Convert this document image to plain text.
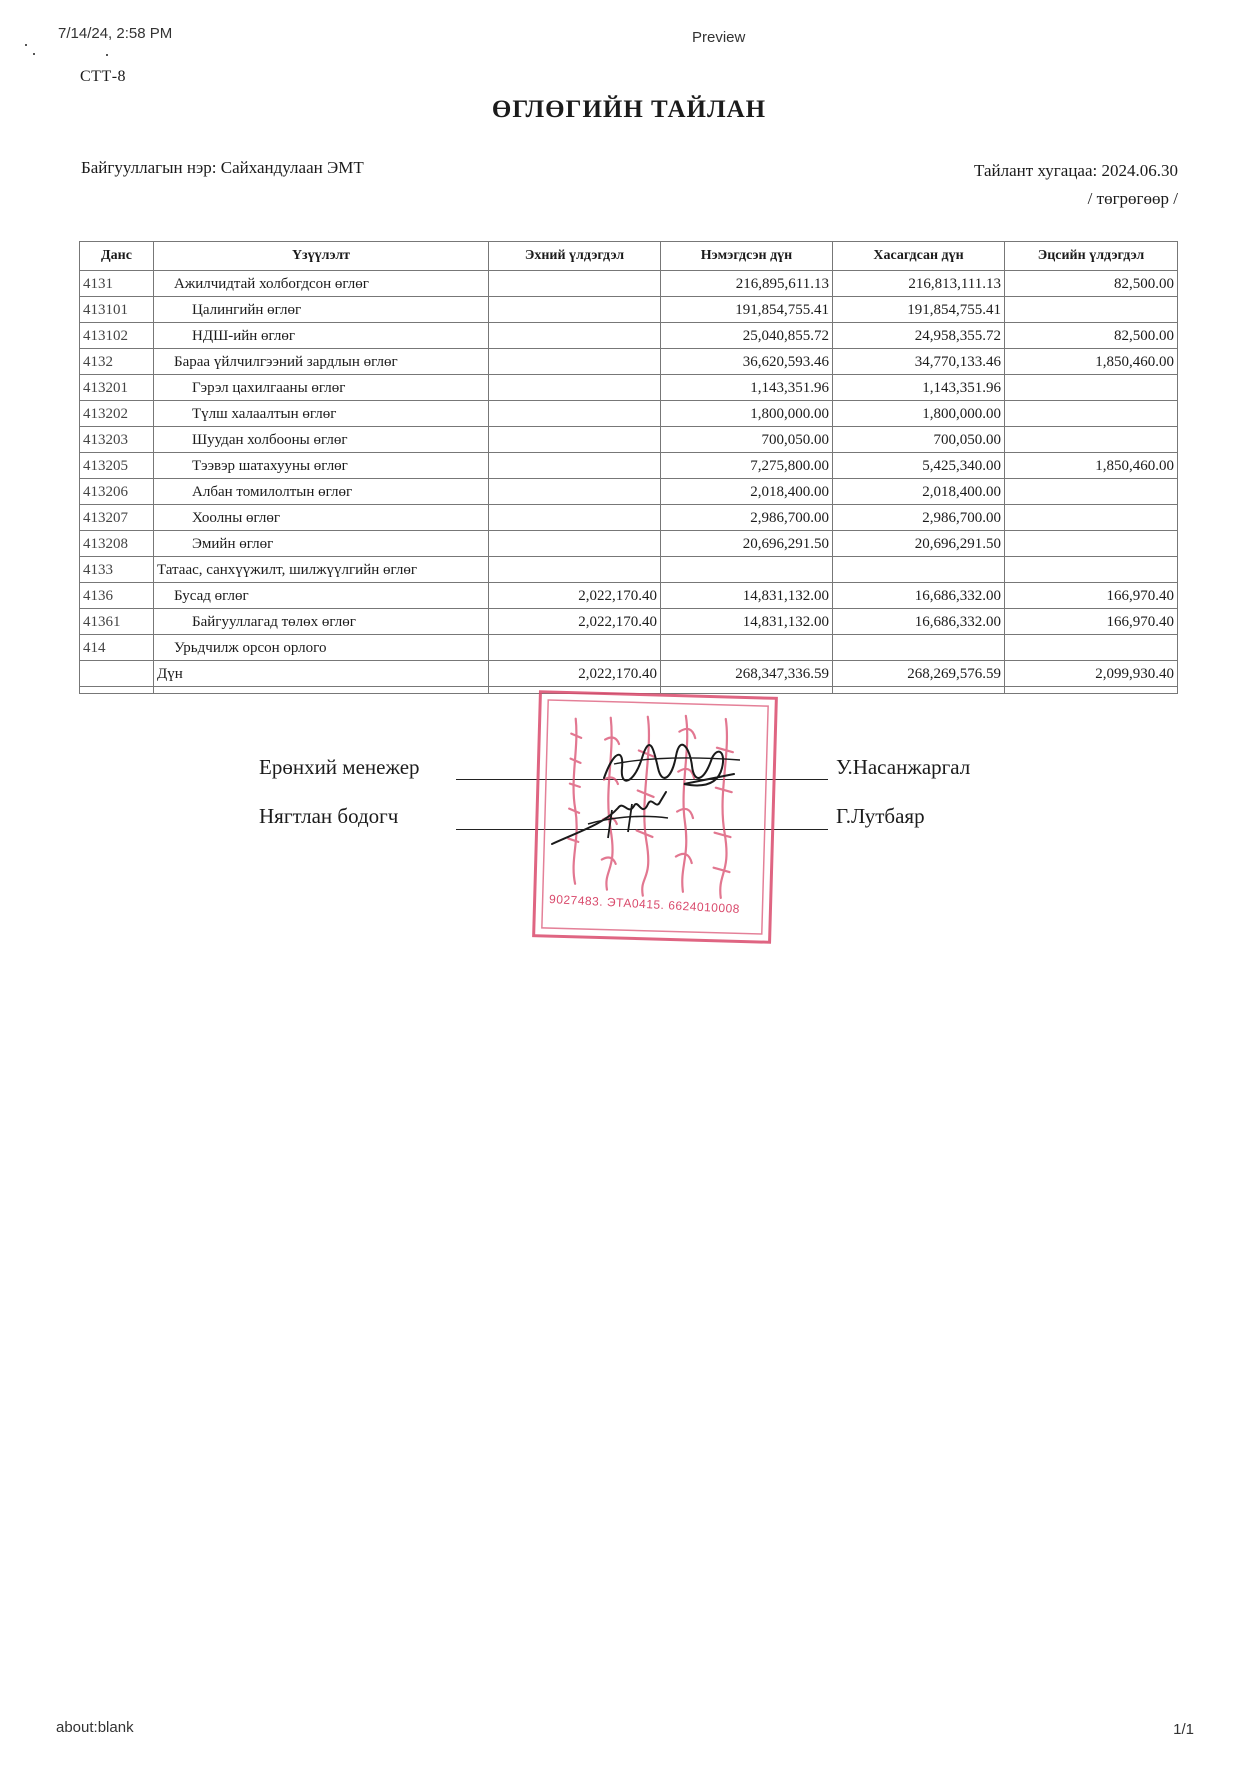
7/14/24, 2:58 PM	Preview
СТТ-8
ӨГЛӨГИЙН ТАЙЛАН
Байгууллагын нэр: Сайхандулаан ЭМТ	Тайлант хугацаа: 2024.06.30
/ төгрөгөөр /
Данс	Үзүүлэлт	Эхний үлдэгдэл	Нэмэгдсэн дүн	Хасагдсан дүн	Эцсийн үлдэгдэл
4131	Ажилчидтай холбогдсон өглөг		216,895,611.13	216,813,111.13	82,500.00
413101	Цалингийн өглөг		191,854,755.41	191,854,755.41	
413102	НДШ-ийн өглөг		25,040,855.72	24,958,355.72	82,500.00
4132	Бараа үйлчилгээний зардлын өглөг		36,620,593.46	34,770,133.46	1,850,460.00
413201	Гэрэл цахилгааны өглөг		1,143,351.96	1,143,351.96	
413202	Түлш халаалтын өглөг		1,800,000.00	1,800,000.00	
413203	Шуудан холбооны өглөг		700,050.00	700,050.00	
413205	Тээвэр шатахууны өглөг		7,275,800.00	5,425,340.00	1,850,460.00
413206	Албан томилолтын өглөг		2,018,400.00	2,018,400.00	
413207	Хоолны өглөг		2,986,700.00	2,986,700.00	
413208	Эмийн өглөг		20,696,291.50	20,696,291.50	
4133	Татаас, санхүүжилт, шилжүүлгийн өглөг				
4136	Бусад өглөг	2,022,170.40	14,831,132.00	16,686,332.00	166,970.40
41361	Байгууллагад төлөх өглөг	2,022,170.40	14,831,132.00	16,686,332.00	166,970.40
414	Урьдчилж орсон орлого				
	Дүн	2,022,170.40	268,347,336.59	268,269,576.59	2,099,930.40

Ерөнхий менежер	У.Насанжаргал
Нягтлан бодогч	Г.Лутбаяр
9027483. ЭТА0415. 6624010008
about:blank	1/1
